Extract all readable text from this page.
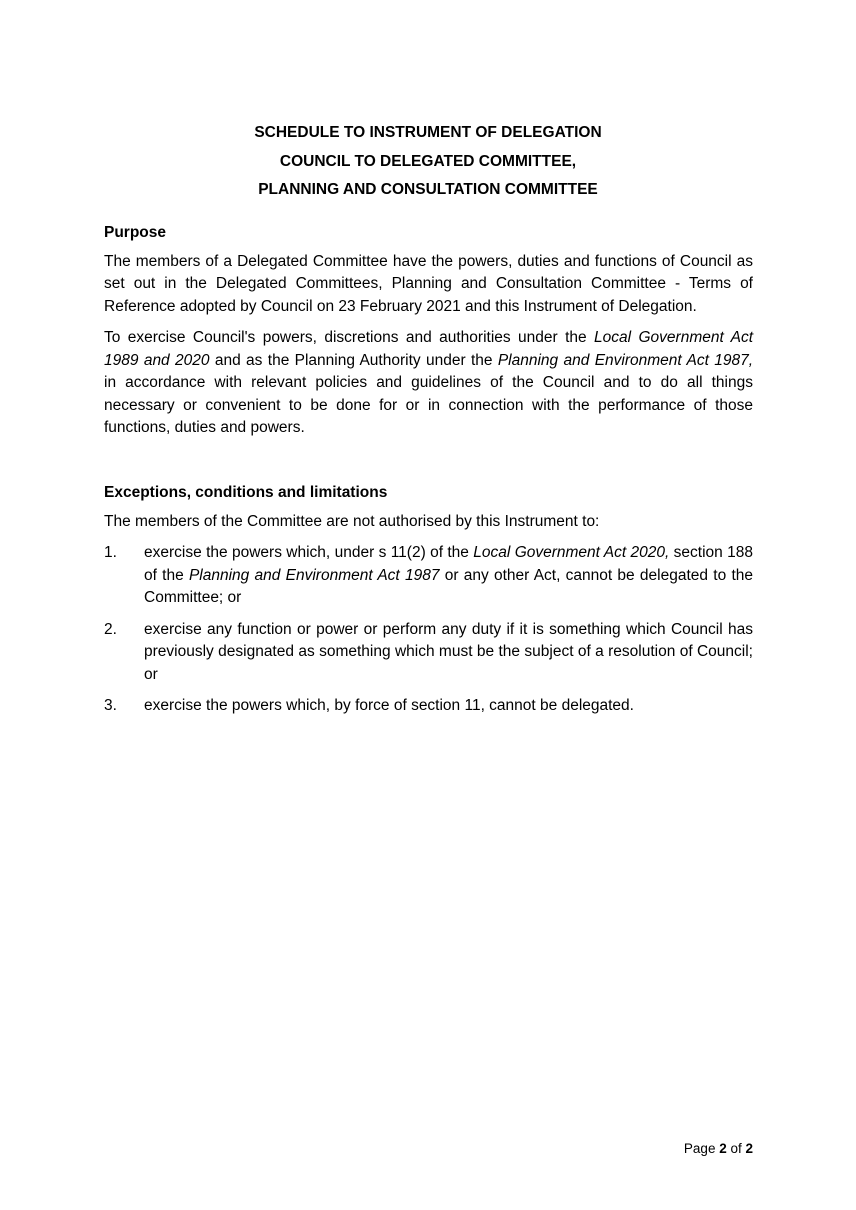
SCHEDULE TO INSTRUMENT OF DELEGATION

COUNCIL TO DELEGATED COMMITTEE,

PLANNING AND CONSULTATION COMMITTEE

Purpose

The members of a Delegated Committee have the powers, duties and functions of Council as set out in the Delegated Committees, Planning and Consultation Committee - Terms of Reference adopted by Council on 23 February 2021 and this Instrument of Delegation.

To exercise Council's powers, discretions and authorities under the Local Government Act 1989 and 2020 and as the Planning Authority under the Planning and Environment Act 1987, in accordance with relevant policies and guidelines of the Council and to do all things necessary or convenient to be done for or in connection with the performance of those functions, duties and powers.

Exceptions, conditions and limitations

The members of the Committee are not authorised by this Instrument to:

1. exercise the powers which, under s 11(2) of the Local Government Act 2020, section 188 of the Planning and Environment Act 1987 or any other Act, cannot be delegated to the Committee; or
2. exercise any function or power or perform any duty if it is something which Council has previously designated as something which must be the subject of a resolution of Council; or
3. exercise the powers which, by force of section 11, cannot be delegated.
Page 2 of 2
